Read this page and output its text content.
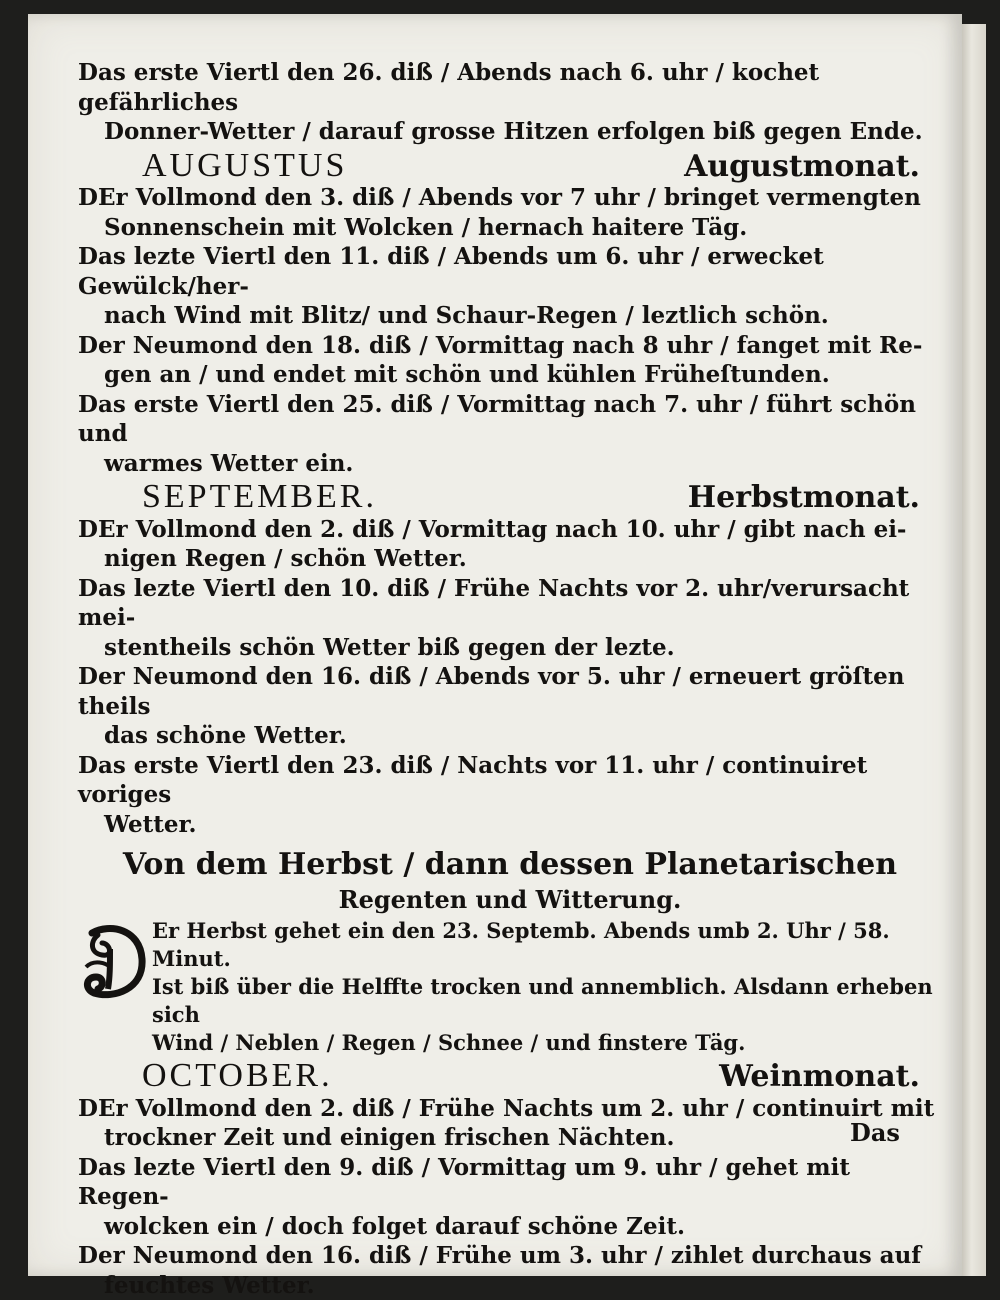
Das erste Viertl den 26. diß / Abends nach 6. uhr / kochet gefährliches
Donner-Wetter / darauf grosse Hitzen erfolgen biß gegen Ende.
AUGUSTUS	Augustmonat.
DEr Vollmond den 3. diß / Abends vor 7 uhr / bringet vermengten
Sonnenschein mit Wolcken / hernach haitere Täg.
Das lezte Viertl den 11. diß / Abends um 6. uhr / erwecket Gewülck/her-
nach Wind mit Blitz/ und Schaur-Regen / leztlich schön.
Der Neumond den 18. diß / Vormittag nach 8 uhr / fanget mit Re-
gen an / und endet mit schön und kühlen Früheſtunden.
Das erste Viertl den 25. diß / Vormittag nach 7. uhr / führt schön und
warmes Wetter ein.
SEPTEMBER.	Herbstmonat.
DEr Vollmond den 2. diß / Vormittag nach 10. uhr / gibt nach ei-
nigen Regen / schön Wetter.
Das lezte Viertl den 10. diß / Frühe Nachts vor 2. uhr/verursacht mei-
stentheils schön Wetter biß gegen der lezte.
Der Neumond den 16. diß / Abends vor 5. uhr / erneuert gröſten theils
das schöne Wetter.
Das erste Viertl den 23. diß / Nachts vor 11. uhr / continuiret voriges
Wetter.
Von dem Herbst / dann dessen Planetarischen
Regenten und Witterung.
Er Herbst gehet ein den 23. Septemb. Abends umb 2. Uhr / 58. Minut.
Ist biß über die Helffte trocken und annemblich. Alsdann erheben sich
Wind / Neblen / Regen / Schnee / und finstere Täg.
OCTOBER.	Weinmonat.
DEr Vollmond den 2. diß / Frühe Nachts um 2. uhr / continuirt mit
trockner Zeit und einigen frischen Nächten.
Das lezte Viertl den 9. diß / Vormittag um 9. uhr / gehet mit Regen-
wolcken ein / doch folget darauf schöne Zeit.
Der Neumond den 16. diß / Frühe um 3. uhr / zihlet durchaus auf
feuchtes Wetter.
Das
